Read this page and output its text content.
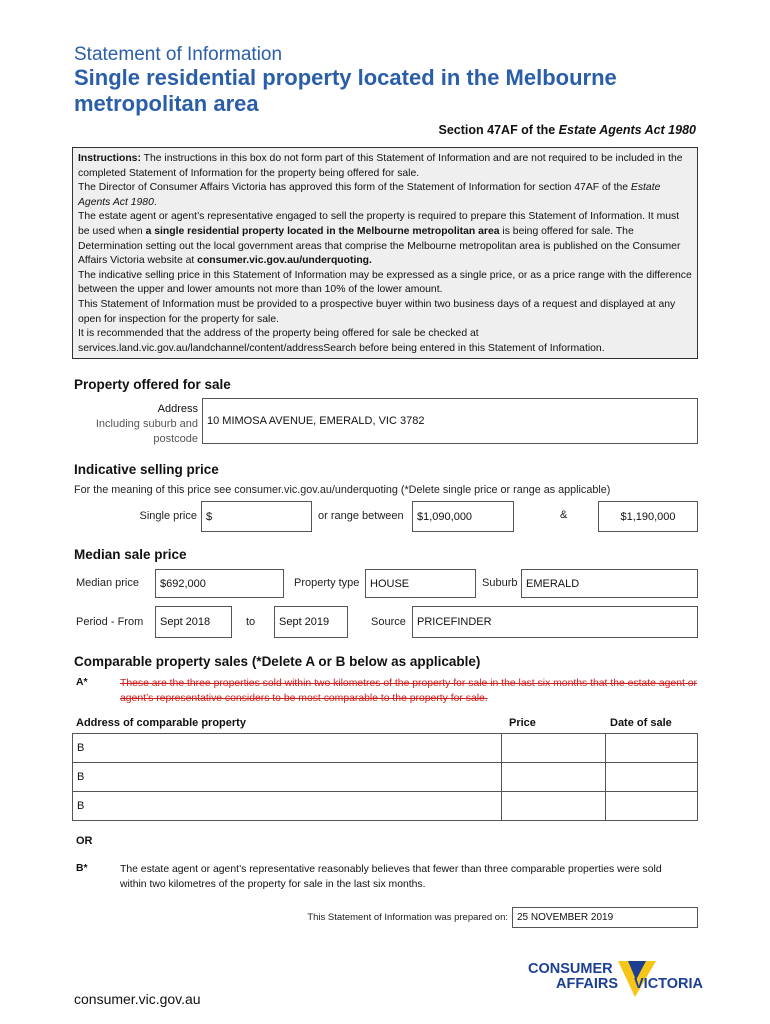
Statement of Information
Single residential property located in the Melbourne metropolitan area
Section 47AF of the Estate Agents Act 1980

Instructions: The instructions in this box do not form part of this Statement of Information and are not required to be included in the completed Statement of Information for the property being offered for sale.

The Director of Consumer Affairs Victoria has approved this form of the Statement of Information for section 47AF of the Estate Agents Act 1980.

The estate agent or agent’s representative engaged to sell the property is required to prepare this Statement of Information. It must be used when a single residential property located in the Melbourne metropolitan area is being offered for sale. The Determination setting out the local government areas that comprise the Melbourne metropolitan area is published on the Consumer Affairs Victoria website at consumer.vic.gov.au/underquoting.

The indicative selling price in this Statement of Information may be expressed as a single price, or as a price range with the difference between the upper and lower amounts not more than 10% of the lower amount.

This Statement of Information must be provided to a prospective buyer within two business days of a request and displayed at any open for inspection for the property for sale.

It is recommended that the address of the property being offered for sale be checked at services.land.vic.gov.au/landchannel/content/addressSearch before being entered in this Statement of Information.

Property offered for sale
Address
Including suburb and
postcode
10 MIMOSA AVENUE, EMERALD, VIC 3782
Indicative selling price
For the meaning of this price see consumer.vic.gov.au/underquoting (*Delete single price or range as applicable)
Single price $	or range between	$1,090,000	&	$1,190,000
Median sale price
Median price	$692,000	Property type HOUSE	Suburb EMERALD
Period - From	Sept 2018	to	Sept 2019	Source	PRICEFINDER
Comparable property sales (*Delete A or B below as applicable)
A*	These are the three properties sold within two kilometres of the property for sale in the last six months that the estate agent or agent’s representative considers to be most comparable to the property for sale.
Address of comparable property	Price	Date of sale
B		
B		
B		
OR
B*	The estate agent or agent’s representative reasonably believes that fewer than three comparable properties were sold within two kilometres of the property for sale in the last six months.
This Statement of Information was prepared on: 25 NOVEMBER 2019
CONSUMER
AFFAIRS VICTORIA
consumer.vic.gov.au
